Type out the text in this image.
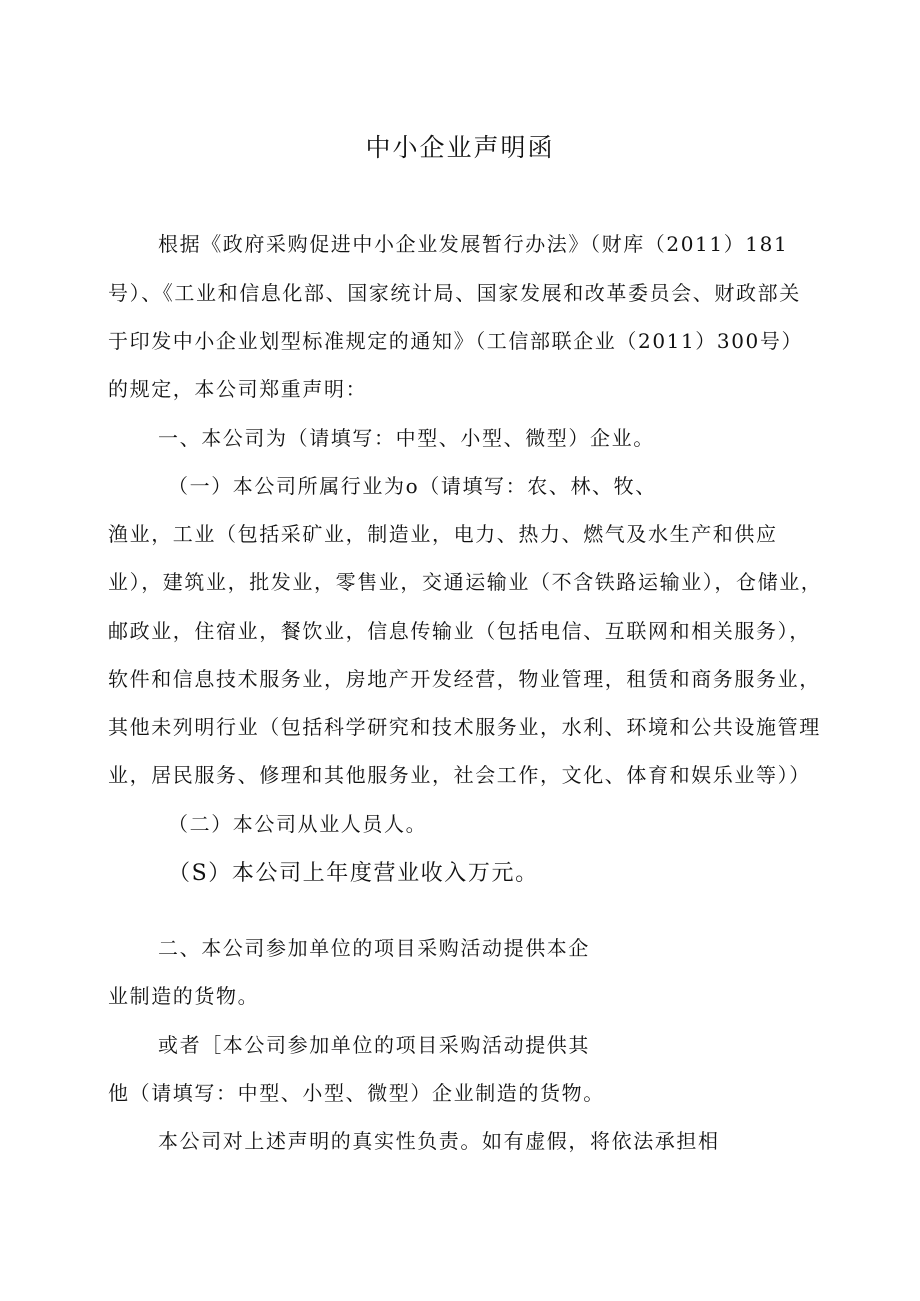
中小企业声明函
根据《政府采购促进中小企业发展暂行办法》（财库（2011）181
号）、《工业和信息化部、国家统计局、国家发展和改革委员会、财政部关
于印发中小企业划型标准规定的通知》（工信部联企业（2011）300号）
的规定，本公司郑重声明：
一、本公司为（请填写：中型、小型、微型）企业。
（一）本公司所属行业为o（请填写：农、林、牧、
渔业，工业（包括采矿业，制造业，电力、热力、燃气及水生产和供应
业），建筑业，批发业，零售业，交通运输业（不含铁路运输业），仓储业，
邮政业，住宿业，餐饮业，信息传输业（包括电信、互联网和相关服务），
软件和信息技术服务业，房地产开发经营，物业管理，租赁和商务服务业，
其他未列明行业（包括科学研究和技术服务业，水利、环境和公共设施管理
业，居民服务、修理和其他服务业，社会工作，文化、体育和娱乐业等））
（二）本公司从业人员人。
（S）本公司上年度营业收入万元。
二、本公司参加单位的项目采购活动提供本企
业制造的货物。
或者［本公司参加单位的项目采购活动提供其
他（请填写：中型、小型、微型）企业制造的货物。
本公司对上述声明的真实性负责。如有虚假，将依法承担相
